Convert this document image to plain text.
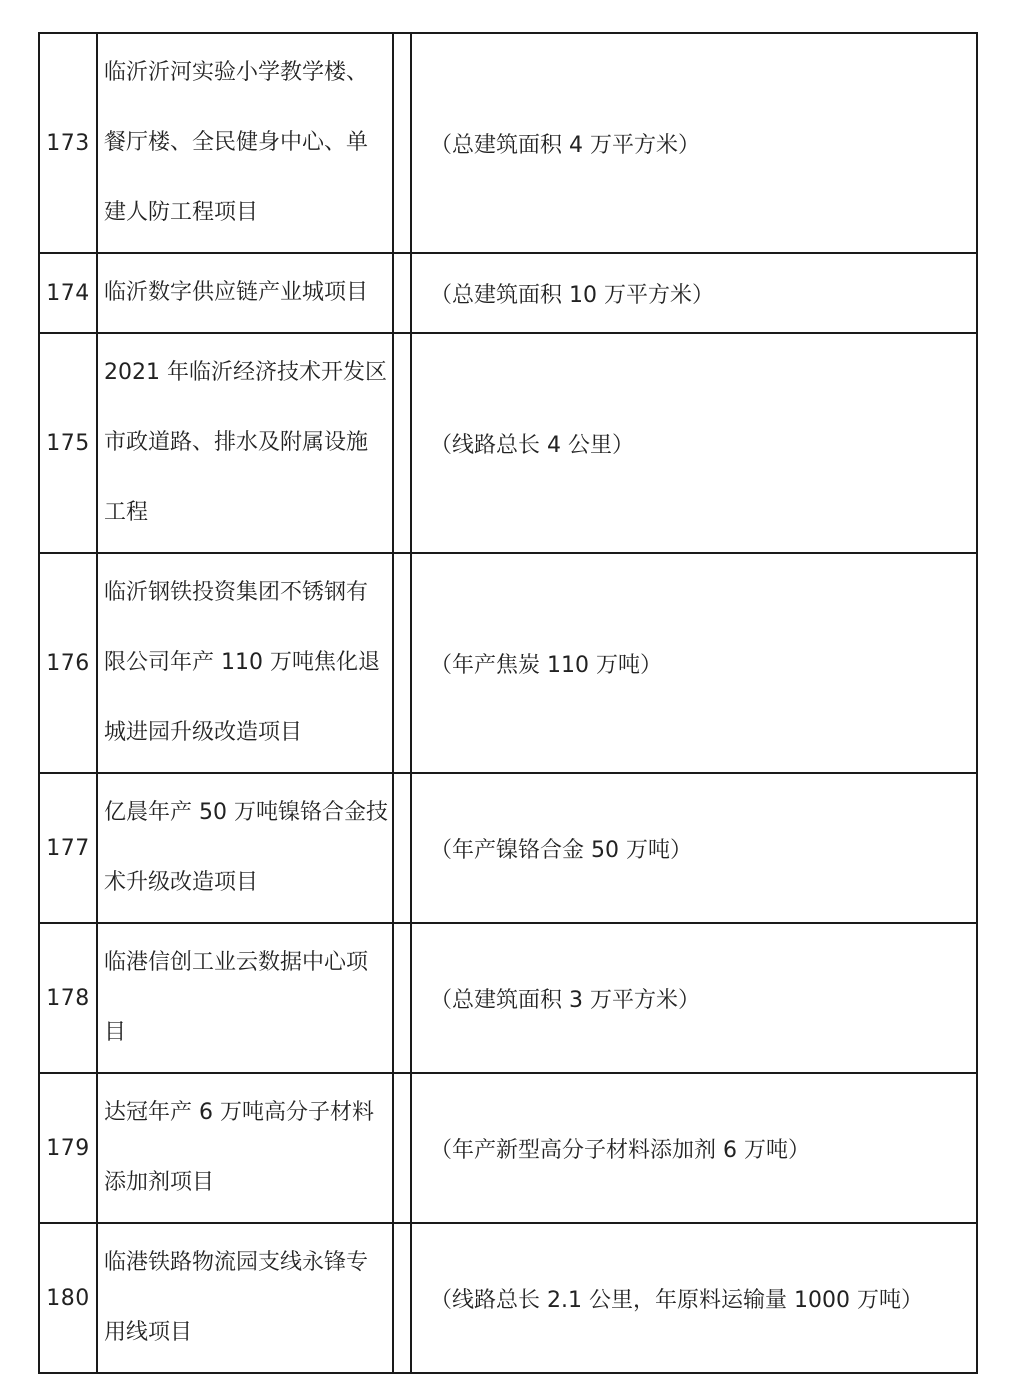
173	临沂沂河实验小学教学楼、餐厅楼、全民健身中心、单建人防工程项目		（总建筑面积 4 万平方米）
174	临沂数字供应链产业城项目		（总建筑面积 10 万平方米）
175	2021 年临沂经济技术开发区市政道路、排水及附属设施工程		（线路总长 4 公里）
176	临沂钢铁投资集团不锈钢有限公司年产 110 万吨焦化退城进园升级改造项目		（年产焦炭 110 万吨）
177	亿晨年产 50 万吨镍铬合金技术升级改造项目		（年产镍铬合金 50 万吨）
178	临港信创工业云数据中心项目		（总建筑面积 3 万平方米）
179	达冠年产 6 万吨高分子材料添加剂项目		（年产新型高分子材料添加剂 6 万吨）
180	临港铁路物流园支线永锋专用线项目		（线路总长 2.1 公里，年原料运输量 1000 万吨）
